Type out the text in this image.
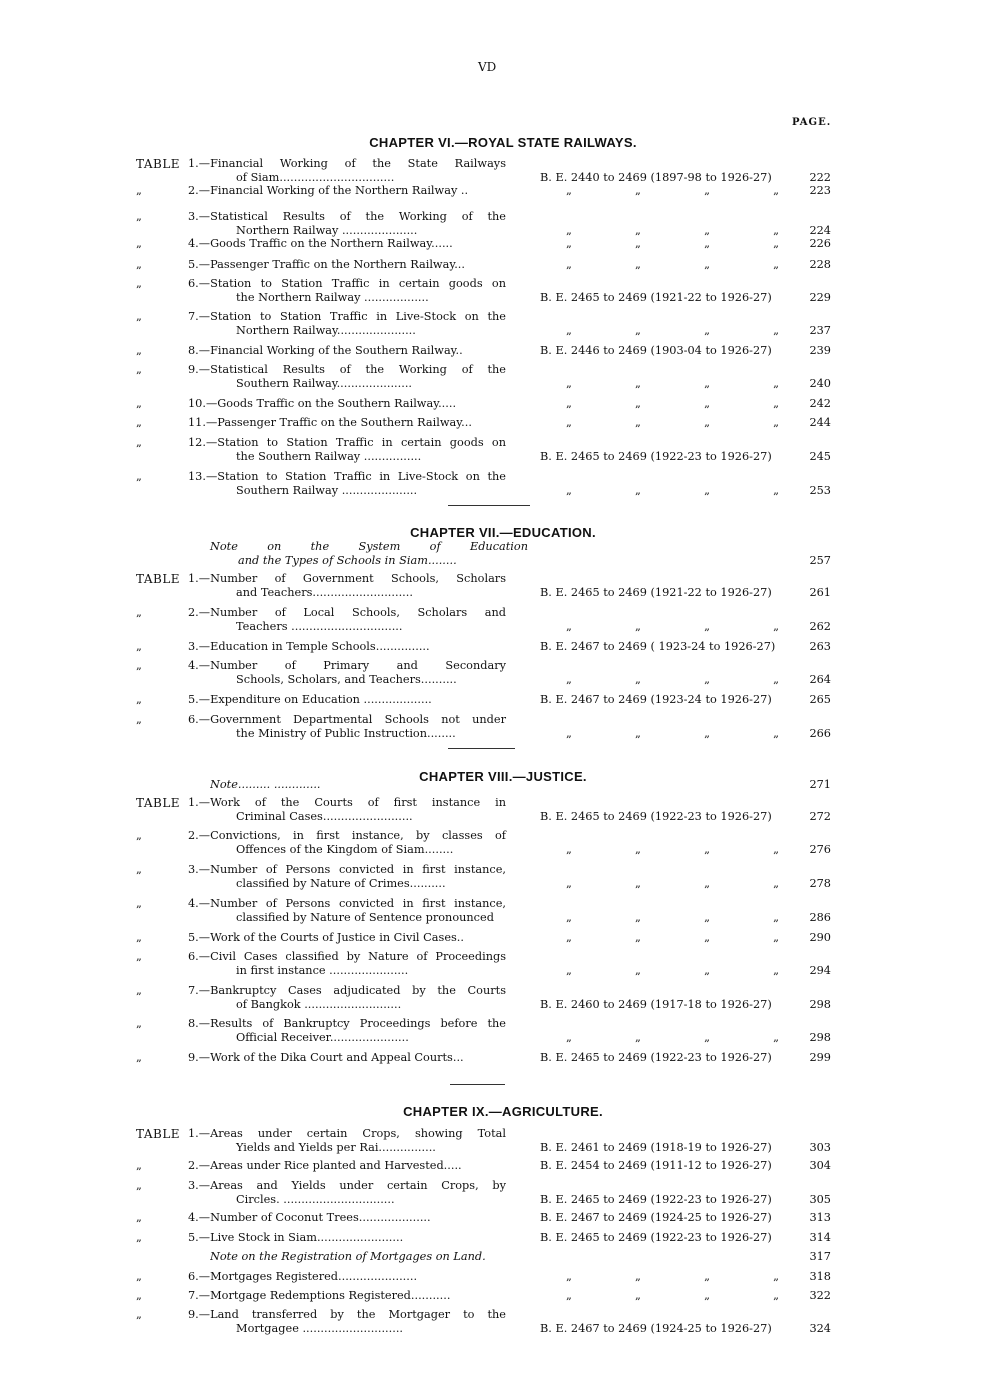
VD
PAGE.
CHAPTER VI.—ROYAL STATE RAILWAYS.
TABLE 1.—Financial Working of the State Railways
of Siam................................	B. E. 2440 to 2469 (1897-98 to 1926-27)	222
„	2.—Financial Working of the Northern Railway ..	„	„	„	„	223
„	3.—Statistical Results of the Working of the
Northern Railway .....................	„	„	„	„	224
„	4.—Goods Traffic on the Northern Railway......	„	„	„	„	226
„	5.—Passenger Traffic on the Northern Railway...	„	„	„	„	228
„	6.—Station to Station Traffic in certain goods on
the Northern Railway ..................	B. E. 2465 to 2469 (1921-22 to 1926-27)	229
„	7.—Station to Station Traffic in Live-Stock on the
Northern Railway......................	„	„	„	„	237
„	8.—Financial Working of the Southern Railway..	B. E. 2446 to 2469 (1903-04 to 1926-27)	239
„	9.—Statistical Results of the Working of the
Southern Railway.....................	„	„	„	„	240
„	10.—Goods Traffic on the Southern Railway.....	„	„	„	„	242
„	11.—Passenger Traffic on the Southern Railway...	„	„	„	„	244
„	12.—Station to Station Traffic in certain goods on
the Southern Railway ................	B. E. 2465 to 2469 (1922-23 to 1926-27)	245
„	13.—Station to Station Traffic in Live-Stock on the
Southern Railway .....................	„	„	„	„	253
CHAPTER VII.—EDUCATION.
Note on the System of Education
and the Types of Schools in Siam........	257
TABLE 1.—Number of Government Schools, Scholars
and Teachers............................	B. E. 2465 to 2469 (1921-22 to 1926-27)	261
„	2.—Number of Local Schools, Scholars and
Teachers ...............................	„	„	„	„	262
„	3.—Education in Temple Schools...............	B. E. 2467 to 2469 ( 1923-24 to 1926-27)	263
„	4.—Number of Primary and Secondary
Schools, Scholars, and Teachers..........	„	„	„	„	264
„	5.—Expenditure on Education ...................	B. E. 2467 to 2469 (1923-24 to 1926-27)	265
„	6.—Government Departmental Schools not under
the Ministry of Public Instruction........	„	„	„	„	266
CHAPTER VIII.—JUSTICE.
Note......... .............	271
TABLE 1.—Work of the Courts of first instance in
Criminal Cases.........................	B. E. 2465 to 2469 (1922-23 to 1926-27)	272
„	2.—Convictions, in first instance, by classes of
Offences of the Kingdom of Siam........	„	„	„	„	276
„	3.—Number of Persons convicted in first instance,
classified by Nature of Crimes..........	„	„	„	„	278
„	4.—Number of Persons convicted in first instance,
classified by Nature of Sentence pronounced	„	„	„	„	286
„	5.—Work of the Courts of Justice in Civil Cases..	„	„	„	„	290
„	6.—Civil Cases classified by Nature of Proceedings
in first instance ......................	„	„	„	„	294
„	7.—Bankruptcy Cases adjudicated by the Courts
of Bangkok ...........................	B. E. 2460 to 2469 (1917-18 to 1926-27)	298
„	8.—Results of Bankruptcy Proceedings before the
Official Receiver......................	„	„	„	„	298
„	9.—Work of the Dika Court and Appeal Courts...	B. E. 2465 to 2469 (1922-23 to 1926-27)	299
CHAPTER IX.—AGRICULTURE.
TABLE 1.—Areas under certain Crops, showing Total
Yields and Yields per Rai................	B. E. 2461 to 2469 (1918-19 to 1926-27)	303
„	2.—Areas under Rice planted and Harvested.....	B. E. 2454 to 2469 (1911-12 to 1926-27)	304
„	3.—Areas and Yields under certain Crops, by
Circles. ...............................	B. E. 2465 to 2469 (1922-23 to 1926-27)	305
„	4.—Number of Coconut Trees....................	B. E. 2467 to 2469 (1924-25 to 1926-27)	313
„	5.—Live Stock in Siam........................	B. E. 2465 to 2469 (1922-23 to 1926-27)	314
Note on the Registration of Mortgages on Land.	317
„	6.—Mortgages Registered......................	„	„	„	„	318
„	7.—Mortgage Redemptions Registered...........	„	„	„	„	322
„	9.—Land transferred by the Mortgager to the
Mortgagee ............................	B. E. 2467 to 2469 (1924-25 to 1926-27)	324
